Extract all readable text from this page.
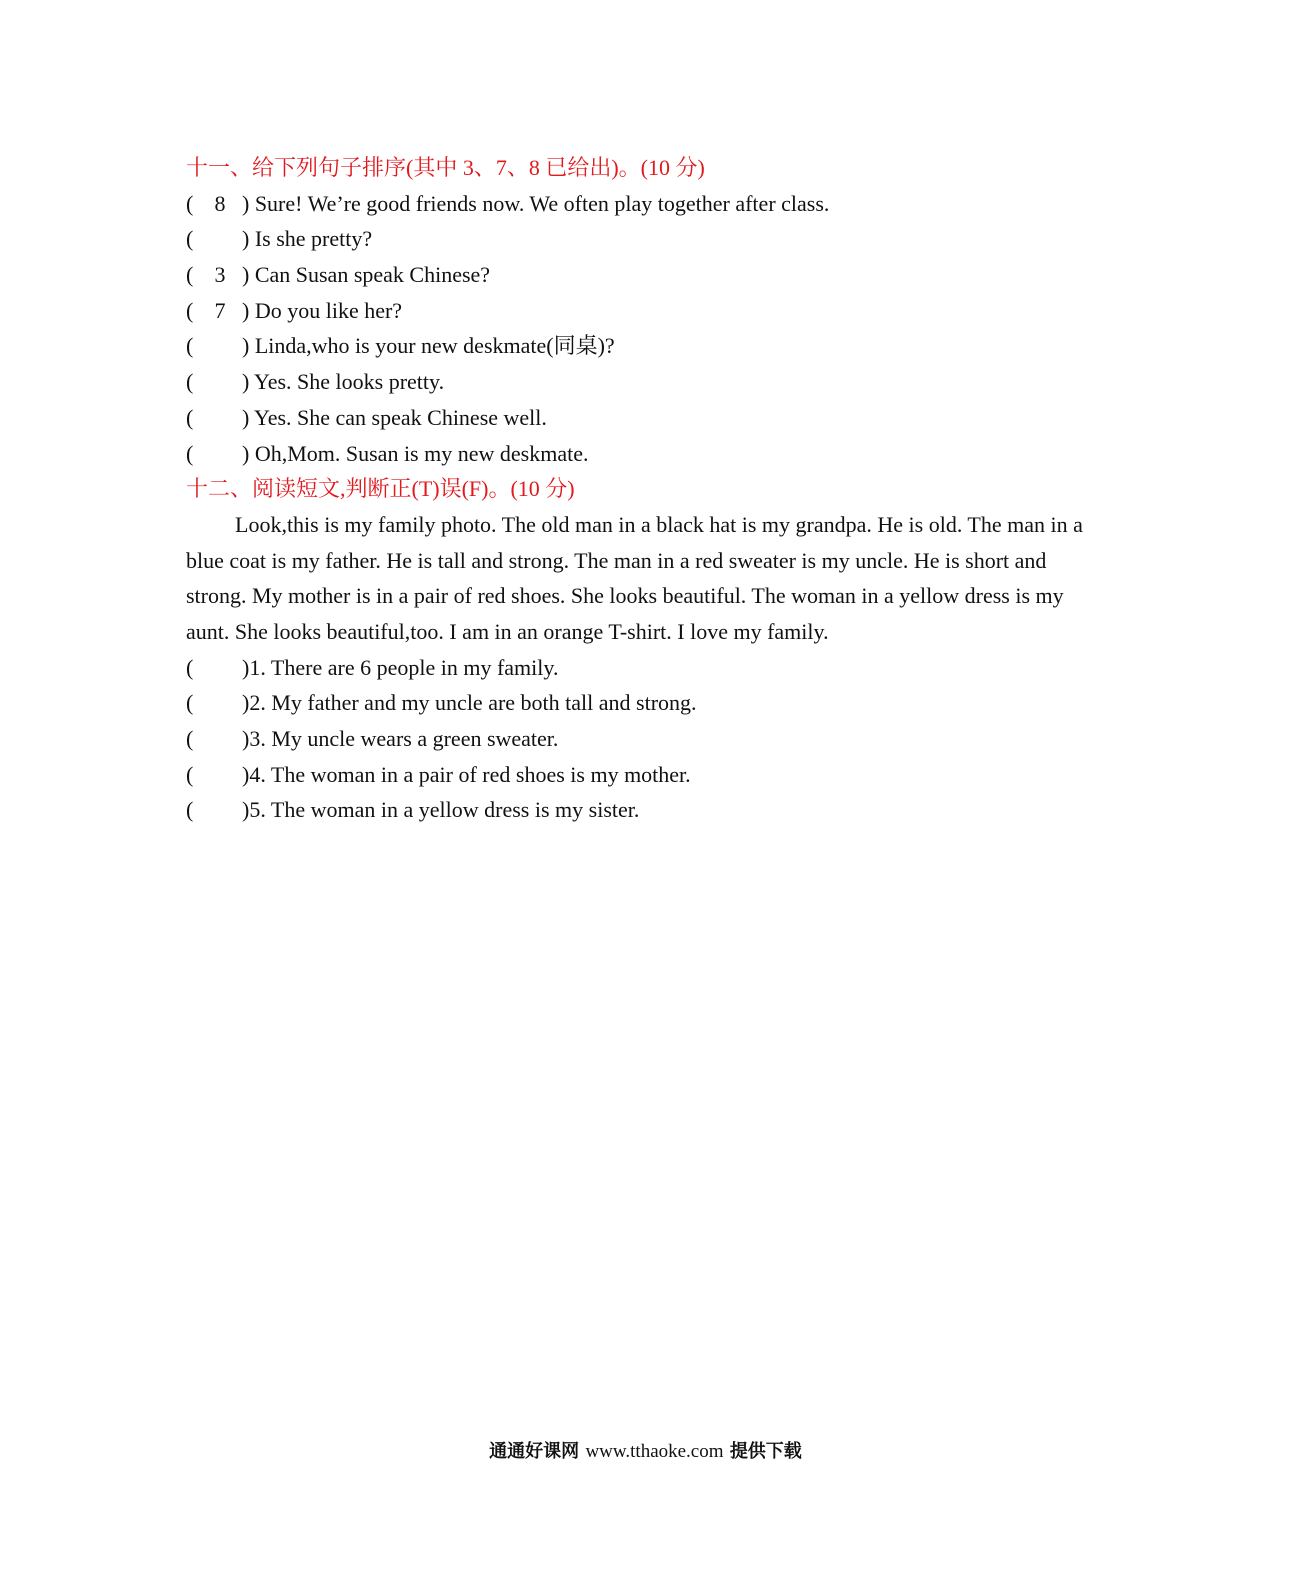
十一、给下列句子排序(其中 3、7、8 已给出)。(10 分)
( 8 ) Sure! We’re good friends now. We often play together after class.
( ) Is she pretty?
( 3 ) Can Susan speak Chinese?
( 7 ) Do you like her?
( ) Linda,who is your new deskmate(同桌)?
( ) Yes. She looks pretty.
( ) Yes. She can speak Chinese well.
( ) Oh,Mom. Susan is my new deskmate.
十二、阅读短文,判断正(T)误(F)。(10 分)

Look,this is my family photo. The old man in a black hat is my grandpa. He is old. The man in a blue coat is my father. He is tall and strong. The man in a red sweater is my uncle. He is short and strong. My mother is in a pair of red shoes. She looks beautiful. The woman in a yellow dress is my aunt. She looks beautiful,too. I am in an orange T-shirt. I love my family.

( )1. There are 6 people in my family.
( )2. My father and my uncle are both tall and strong.
( )3. My uncle wears a green sweater.
( )4. The woman in a pair of red shoes is my mother.
( )5. The woman in a yellow dress is my sister.
通通好课网 www.tthaoke.com 提供下载
